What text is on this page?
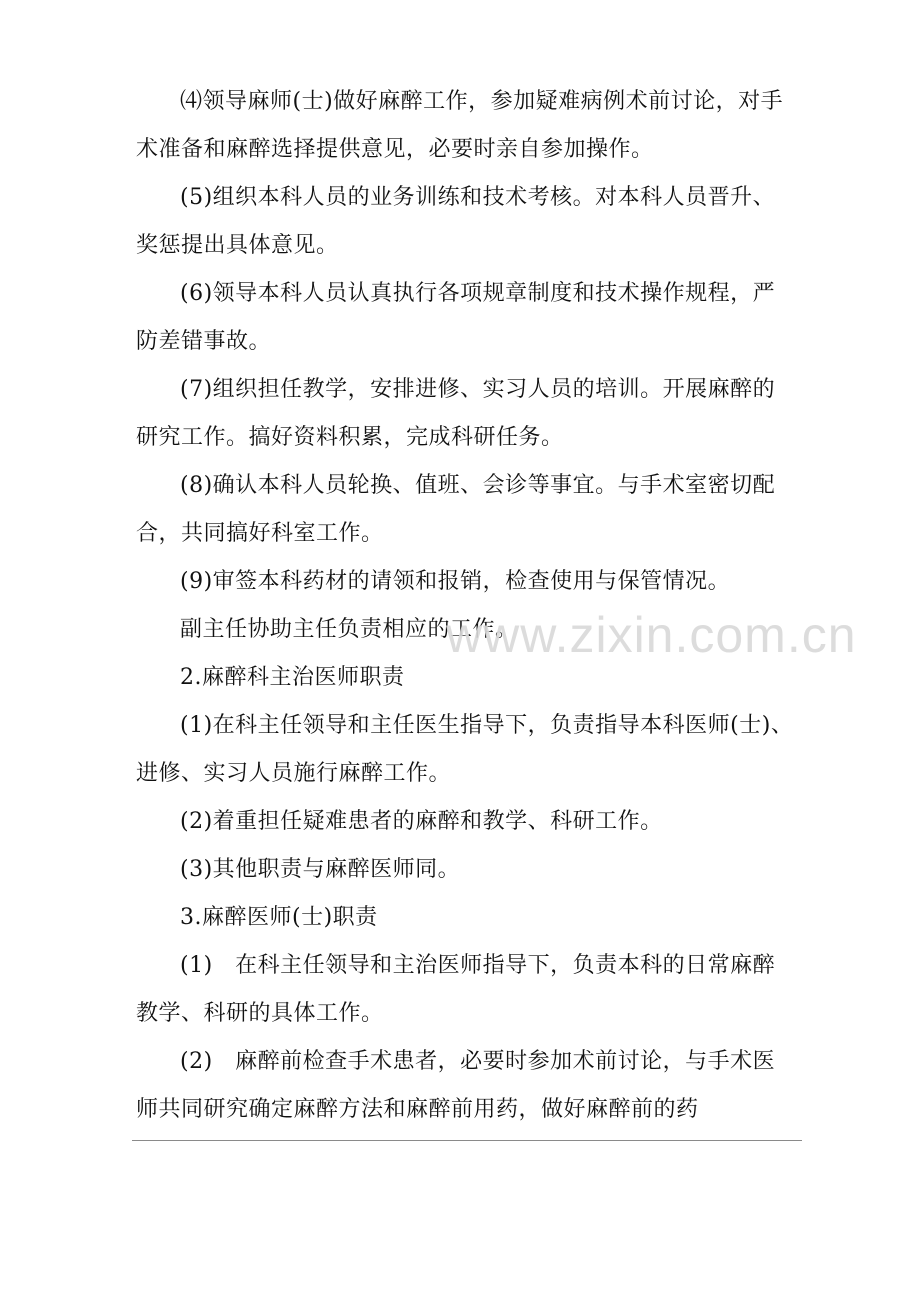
⑷领导麻师(士)做好麻醉工作，参加疑难病例术前讨论，对手术准备和麻醉选择提供意见，必要时亲自参加操作。

(5)组织本科人员的业务训练和技术考核。对本科人员晋升、奖惩提出具体意见。

(6)领导本科人员认真执行各项规章制度和技术操作规程，严防差错事故。

(7)组织担任教学，安排进修、实习人员的培训。开展麻醉的研究工作。搞好资料积累，完成科研任务。

(8)确认本科人员轮换、值班、会诊等事宜。与手术室密切配合，共同搞好科室工作。

(9)审签本科药材的请领和报销，检查使用与保管情况。

副主任协助主任负责相应的工作。

2.麻醉科主治医师职责

(1)在科主任领导和主任医生指导下，负责指导本科医师(士)、进修、实习人员施行麻醉工作。

(2)着重担任疑难患者的麻醉和教学、科研工作。

(3)其他职责与麻醉医师同。

3.麻醉医师(士)职责

(1)　在科主任领导和主治医师指导下，负责本科的日常麻醉教学、科研的具体工作。

(2)　麻醉前检查手术患者，必要时参加术前讨论，与手术医师共同研究确定麻醉方法和麻醉前用药，做好麻醉前的药

www.zixin.com.cn
